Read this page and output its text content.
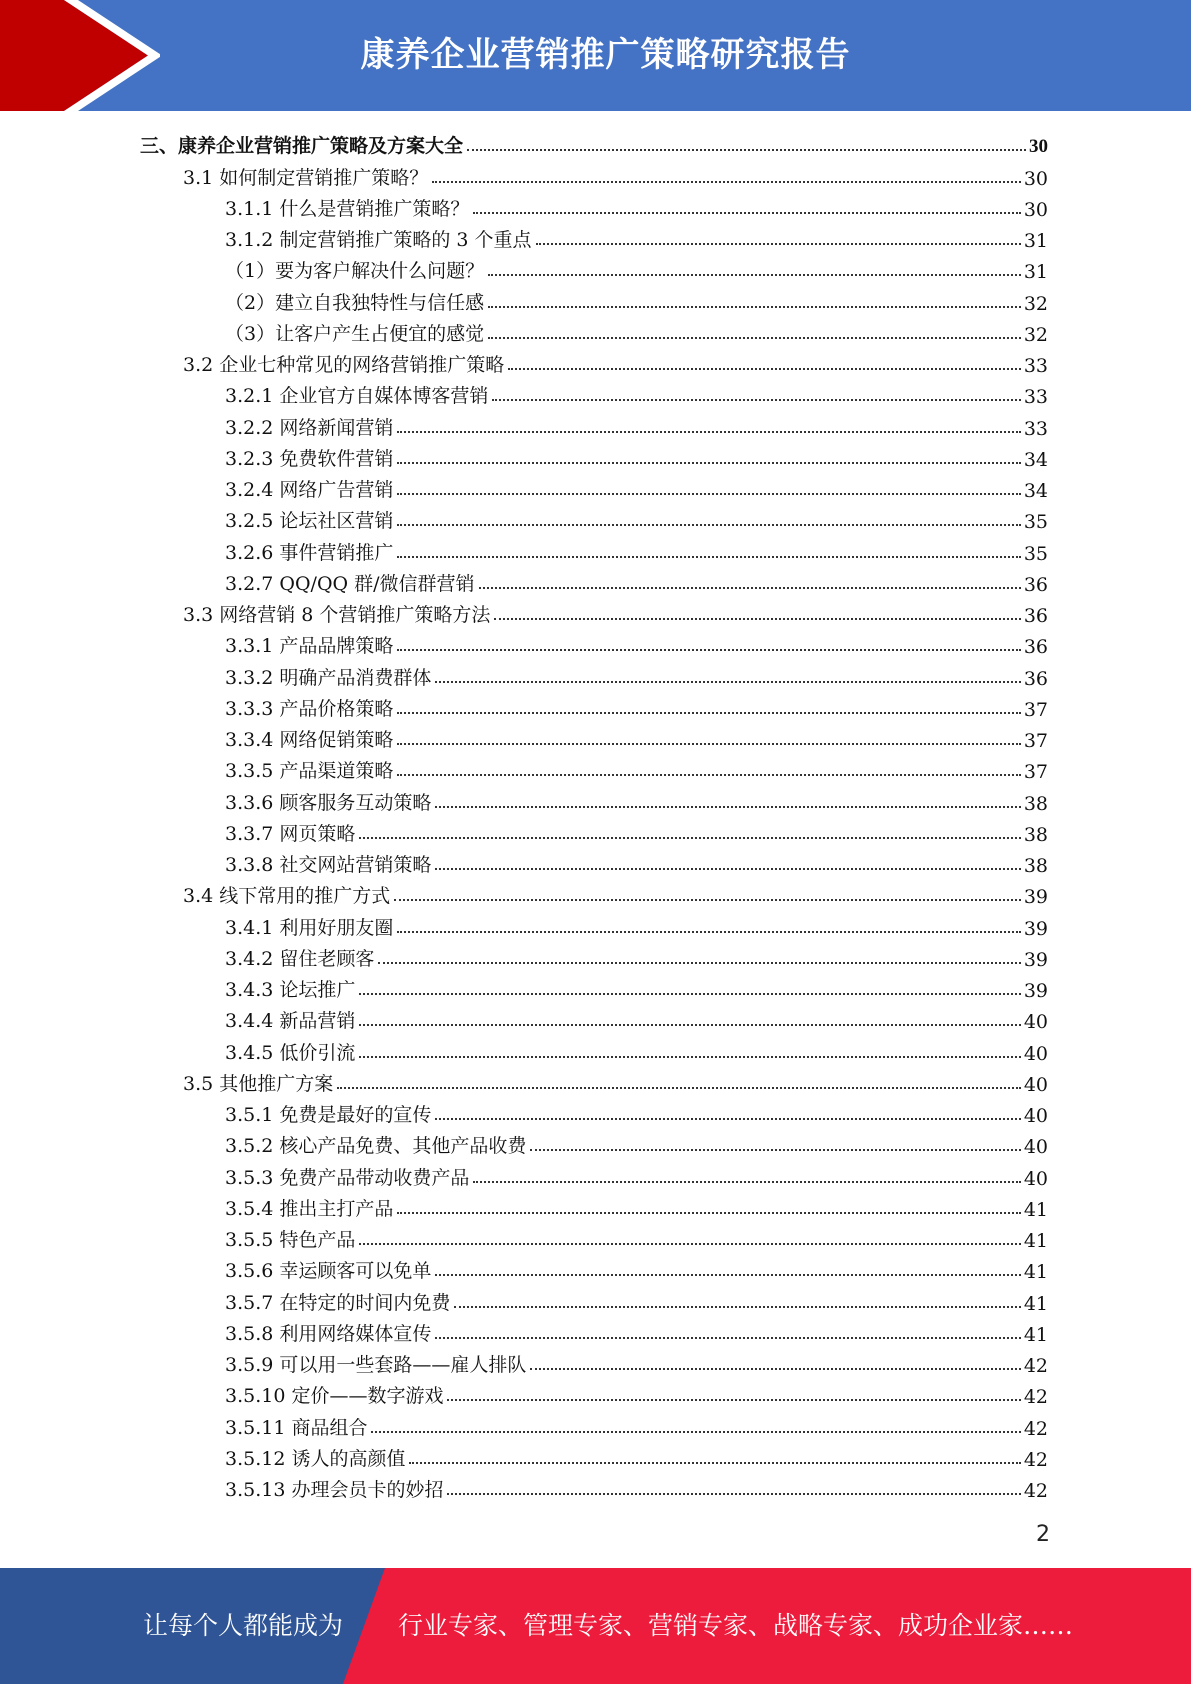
康养企业营销推广策略研究报告
三、康养企业营销推广策略及方案大全	30
3.1 如何制定营销推广策略？	30
3.1.1 什么是营销推广策略？	30
3.1.2 制定营销推广策略的 3 个重点	31
（1）要为客户解决什么问题？	31
（2）建立自我独特性与信任感	32
（3）让客户产生占便宜的感觉	32
3.2 企业七种常见的网络营销推广策略	33
3.2.1 企业官方自媒体博客营销	33
3.2.2 网络新闻营销	33
3.2.3 免费软件营销	34
3.2.4 网络广告营销	34
3.2.5 论坛社区营销	35
3.2.6 事件营销推广	35
3.2.7 QQ/QQ 群/微信群营销	36
3.3 网络营销 8 个营销推广策略方法	36
3.3.1 产品品牌策略	36
3.3.2 明确产品消费群体	36
3.3.3 产品价格策略	37
3.3.4 网络促销策略	37
3.3.5 产品渠道策略	37
3.3.6 顾客服务互动策略	38
3.3.7 网页策略	38
3.3.8 社交网站营销策略	38
3.4 线下常用的推广方式	39
3.4.1 利用好朋友圈	39
3.4.2 留住老顾客	39
3.4.3 论坛推广	39
3.4.4 新品营销	40
3.4.5 低价引流	40
3.5 其他推广方案	40
3.5.1 免费是最好的宣传	40
3.5.2 核心产品免费、其他产品收费	40
3.5.3 免费产品带动收费产品	40
3.5.4 推出主打产品	41
3.5.5 特色产品	41
3.5.6 幸运顾客可以免单	41
3.5.7 在特定的时间内免费	41
3.5.8 利用网络媒体宣传	41
3.5.9 可以用一些套路——雇人排队	42
3.5.10 定价——数字游戏	42
3.5.11 商品组合	42
3.5.12 诱人的高颜值	42
3.5.13 办理会员卡的妙招	42
2
让每个人都能成为 行业专家、管理专家、营销专家、战略专家、成功企业家……
